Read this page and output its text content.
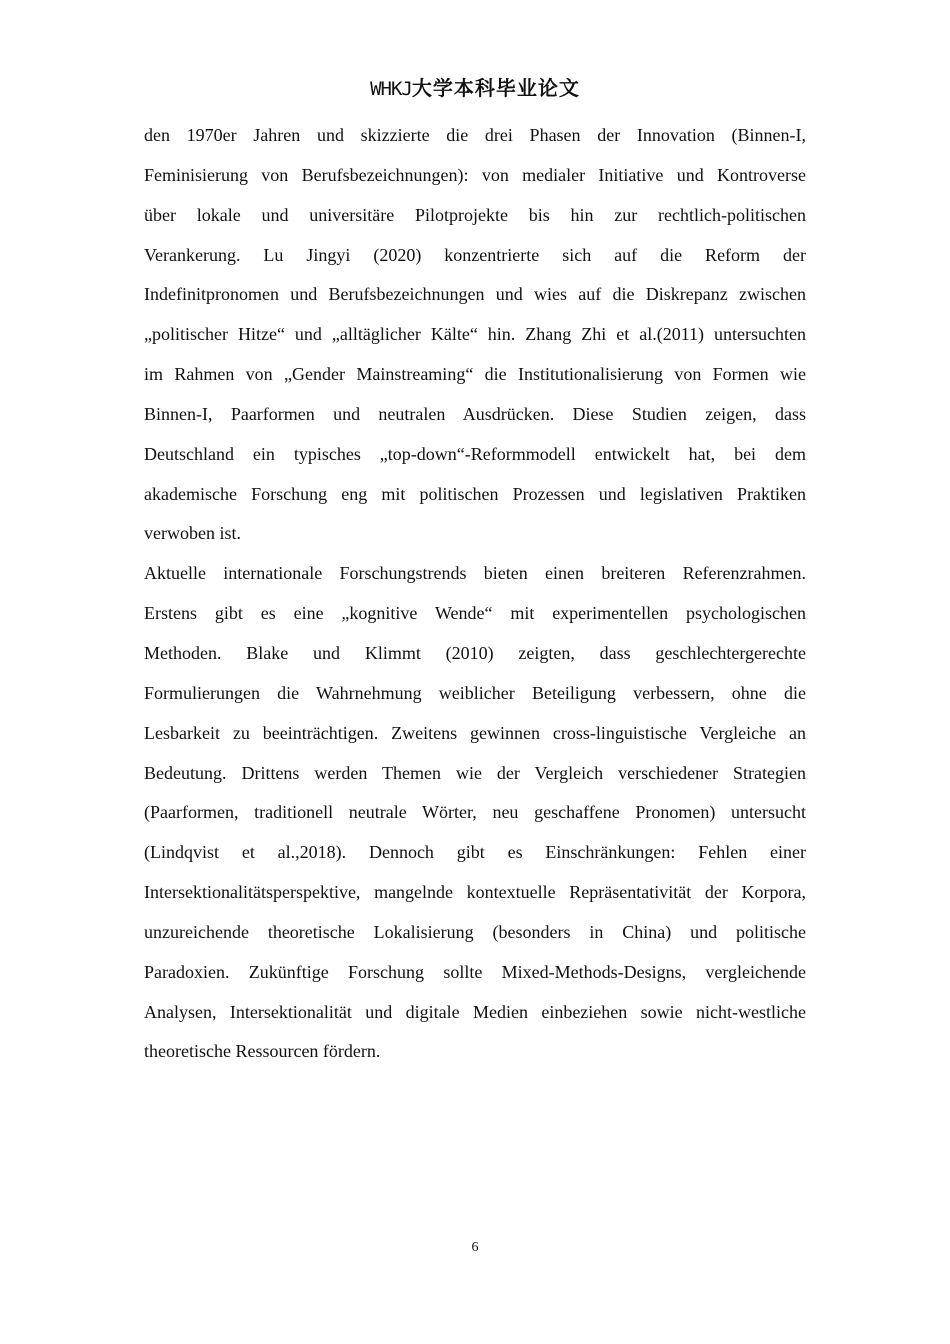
WHKJ大学本科毕业论文

den 1970er Jahren und skizzierte die drei Phasen der Innovation (Binnen-I,
Feminisierung von Berufsbezeichnungen): von medialer Initiative und Kontroverse
über lokale und universitäre Pilotprojekte bis hin zur rechtlich-politischen
Verankerung. Lu Jingyi (2020) konzentrierte sich auf die Reform der
Indefinitpronomen und Berufsbezeichnungen und wies auf die Diskrepanz zwischen
„politischer Hitze“ und „alltäglicher Kälte“ hin. Zhang Zhi et al.(2011) untersuchten
im Rahmen von „Gender Mainstreaming“ die Institutionalisierung von Formen wie
Binnen-I, Paarformen und neutralen Ausdrücken. Diese Studien zeigen, dass
Deutschland ein typisches „top-down“-Reformmodell entwickelt hat, bei dem
akademische Forschung eng mit politischen Prozessen und legislativen Praktiken
verwoben ist.

Aktuelle internationale Forschungstrends bieten einen breiteren Referenzrahmen.
Erstens gibt es eine „kognitive Wende“ mit experimentellen psychologischen
Methoden. Blake und Klimmt (2010) zeigten, dass geschlechtergerechte
Formulierungen die Wahrnehmung weiblicher Beteiligung verbessern, ohne die
Lesbarkeit zu beeinträchtigen. Zweitens gewinnen cross-linguistische Vergleiche an
Bedeutung. Drittens werden Themen wie der Vergleich verschiedener Strategien
(Paarformen, traditionell neutrale Wörter, neu geschaffene Pronomen) untersucht
(Lindqvist et al.,2018). Dennoch gibt es Einschränkungen: Fehlen einer
Intersektionalitätsperspektive, mangelnde kontextuelle Repräsentativität der Korpora,
unzureichende theoretische Lokalisierung (besonders in China) und politische
Paradoxien. Zukünftige Forschung sollte Mixed-Methods-Designs, vergleichende
Analysen, Intersektionalität und digitale Medien einbeziehen sowie nicht-westliche
theoretische Ressourcen fördern.

6
